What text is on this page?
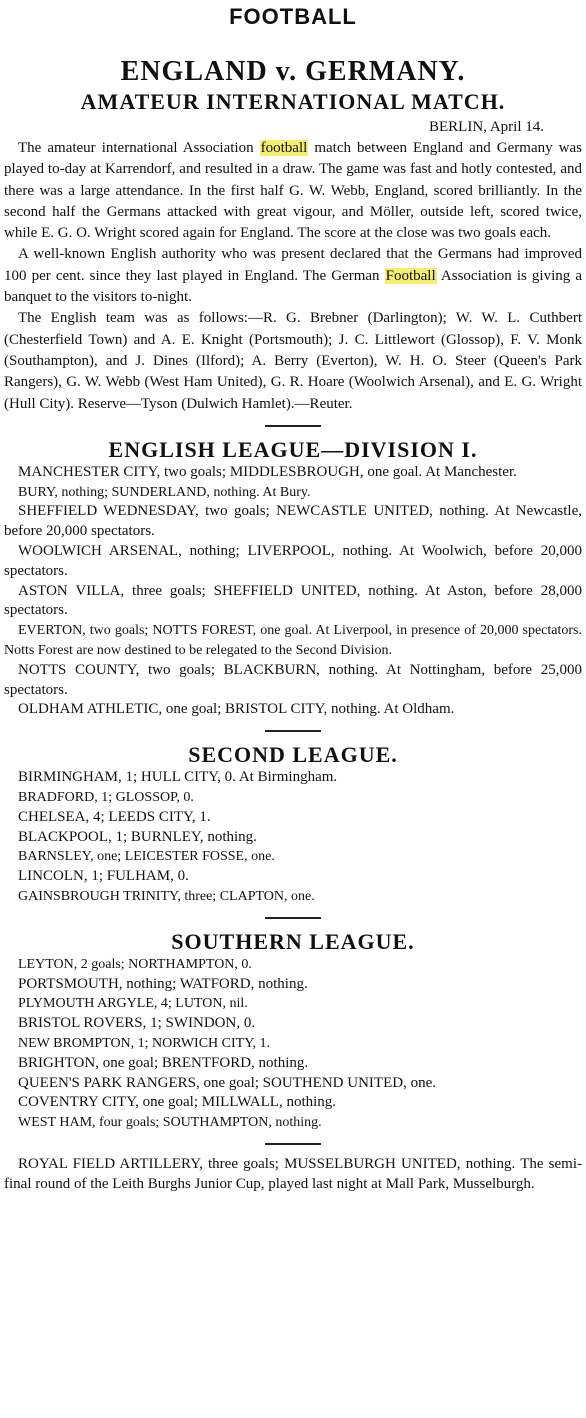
FOOTBALL
ENGLAND v. GERMANY.
AMATEUR INTERNATIONAL MATCH.

BERLIN, April 14.

The amateur international Association football match between England and Germany was played to-day at Karrendorf, and resulted in a draw. The game was fast and hotly contested, and there was a large attendance. In the first half G. W. Webb, England, scored brilliantly. In the second half the Germans attacked with great vigour, and Möller, outside left, scored twice, while E. G. O. Wright scored again for England. The score at the close was two goals each.

A well-known English authority who was present declared that the Germans had improved 100 per cent. since they last played in England. The German Football Association is giving a banquet to the visitors to-night.

The English team was as follows:—R. G. Brebner (Darlington); W. W. L. Cuthbert (Chesterfield Town) and A. E. Knight (Portsmouth); J. C. Littlewort (Glossop), F. V. Monk (Southampton), and J. Dines (Ilford); A. Berry (Everton), W. H. O. Steer (Queen's Park Rangers), G. W. Webb (West Ham United), G. R. Hoare (Woolwich Arsenal), and E. G. Wright (Hull City). Reserve—Tyson (Dulwich Hamlet).—Reuter.

ENGLISH LEAGUE—DIVISION I.

MANCHESTER CITY, two goals; MIDDLESBROUGH, one goal. At Manchester.

BURY, nothing; SUNDERLAND, nothing. At Bury.

SHEFFIELD WEDNESDAY, two goals; NEWCASTLE UNITED, nothing. At Newcastle, before 20,000 spectators.

WOOLWICH ARSENAL, nothing; LIVERPOOL, nothing. At Woolwich, before 20,000 spectators.

ASTON VILLA, three goals; SHEFFIELD UNITED, nothing. At Aston, before 28,000 spectators.

EVERTON, two goals; NOTTS FOREST, one goal. At Liverpool, in presence of 20,000 spectators. Notts Forest are now destined to be relegated to the Second Division.

NOTTS COUNTY, two goals; BLACKBURN, nothing. At Nottingham, before 25,000 spectators.

OLDHAM ATHLETIC, one goal; BRISTOL CITY, nothing. At Oldham.

SECOND LEAGUE.

BIRMINGHAM, 1; HULL CITY, 0. At Birmingham.

BRADFORD, 1; GLOSSOP, 0.

CHELSEA, 4; LEEDS CITY, 1.

BLACKPOOL, 1; BURNLEY, nothing.

BARNSLEY, one; LEICESTER FOSSE, one.

LINCOLN, 1; FULHAM, 0.

GAINSBROUGH TRINITY, three; CLAPTON, one.

SOUTHERN LEAGUE.

LEYTON, 2 goals; NORTHAMPTON, 0.

PORTSMOUTH, nothing; WATFORD, nothing.

PLYMOUTH ARGYLE, 4; LUTON, nil.

BRISTOL ROVERS, 1; SWINDON, 0.

NEW BROMPTON, 1; NORWICH CITY, 1.

BRIGHTON, one goal; BRENTFORD, nothing.

QUEEN'S PARK RANGERS, one goal; SOUTHEND UNITED, one.

COVENTRY CITY, one goal; MILLWALL, nothing.

WEST HAM, four goals; SOUTHAMPTON, nothing.

ROYAL FIELD ARTILLERY, three goals; MUSSELBURGH UNITED, nothing. The semi-final round of the Leith Burghs Junior Cup, played last night at Mall Park, Musselburgh.
